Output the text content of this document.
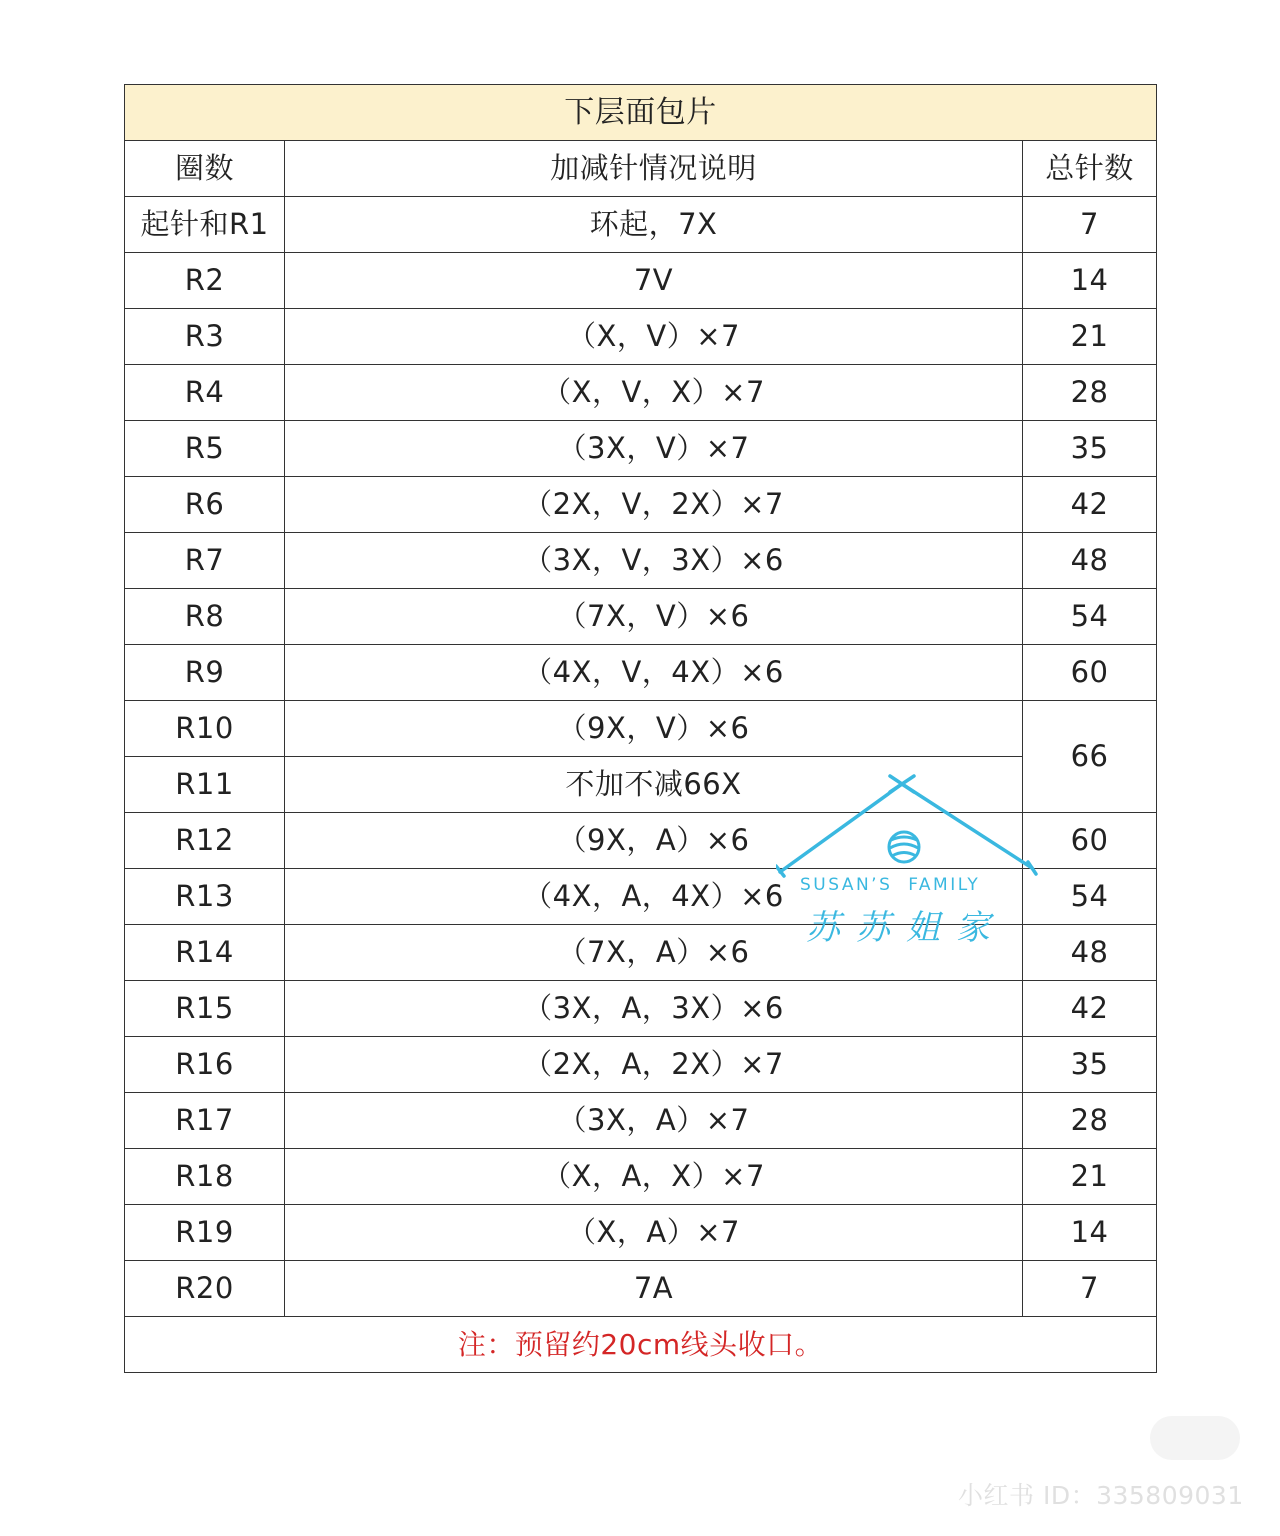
下层面包片		
圈数	加减针情况说明	总针数
起针和R1	环起，7X	7
R2	7V	14
R3	（X，V）×7	21
R4	（X，V，X）×7	28
R5	（3X，V）×7	35
R6	（2X，V，2X）×7	42
R7	（3X，V，3X）×6	48
R8	（7X，V）×6	54
R9	（4X，V，4X）×6	60
R10	（9X，V）×6	66
R11	不加不减66X	
R12	（9X，A）×6	60
R13	（4X，A，4X）×6	54
R14	（7X，A）×6	48
R15	（3X，A，3X）×6	42
R16	（2X，A，2X）×7	35
R17	（3X，A）×7	28
R18	（X，A，X）×7	21
R19	（X，A）×7	14
R20	7A	7
注：预留约20cm线头收口。		
SUSAN’S  FAMILY
苏苏姐家
小红书 ID：335809031
